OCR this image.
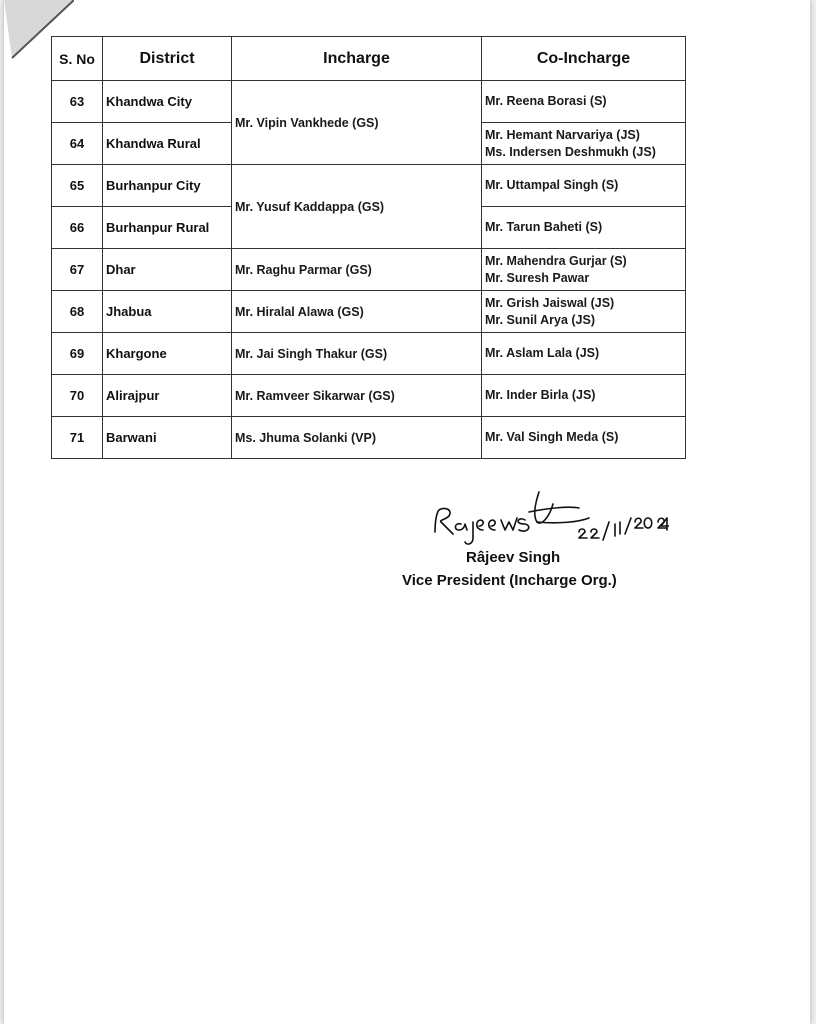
S. No	District	Incharge	Co-Incharge
63	Khandwa City	Mr. Vipin Vankhede (GS)	Mr. Reena Borasi (S)

64	Khandwa Rural		Mr. Hemant Narvariya (JS)
Ms. Indersen Deshmukh (JS)

65	Burhanpur City	Mr. Yusuf Kaddappa (GS)	Mr. Uttampal Singh (S)

66	Burhanpur Rural		Mr. Tarun Baheti (S)

67	Dhar	Mr. Raghu Parmar (GS)	Mr. Mahendra Gurjar (S)
Mr. Suresh Pawar

68	Jhabua	Mr. Hiralal Alawa (GS)	Mr. Grish Jaiswal (JS)
Mr. Sunil Arya (JS)

69	Khargone	Mr. Jai Singh Thakur (GS)	Mr. Aslam Lala (JS)

70	Alirajpur	Mr. Ramveer Sikarwar (GS)	Mr. Inder Birla (JS)

71	Barwani	Ms. Jhuma Solanki (VP)	Mr. Val Singh Meda (S)
Râjeev Singh
Vice President (Incharge Org.)
